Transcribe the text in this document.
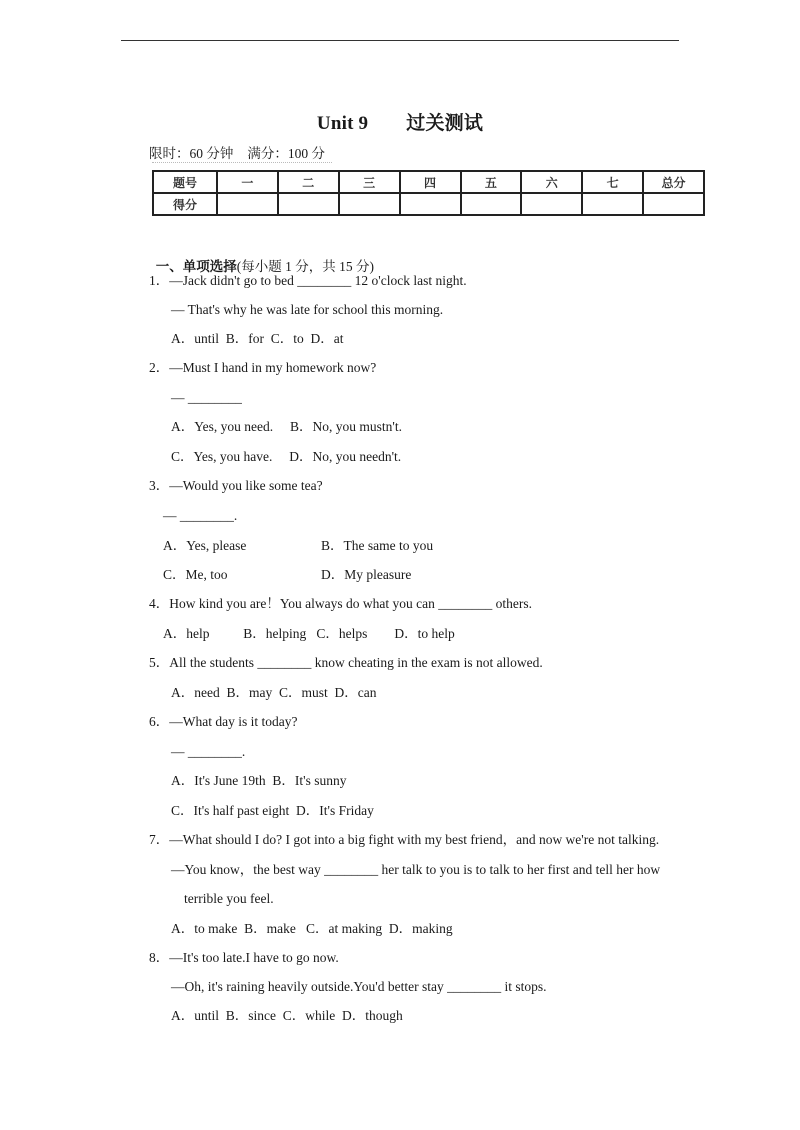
Unit 9 过关测试
限时：60 分钟 满分：100 分
题号	一	二	三	四	五	六	七	总分
得分								

一、单项选择(每小题 1 分，共 15 分)

1．—Jack didn't go to bed ________ 12 o'clock last night.
— That's why he was late for school this morning.
A．until  B．for  C．to  D．at
2．—Must I hand in my homework now?
— ________
A．Yes, you need.     B．No, you mustn't.
C．Yes, you have.     D．No, you needn't.
3．—Would you like some tea?
— ________.
A．Yes, please	B．The same to you
C．Me, too	D．My pleasure
4．How kind you are！You always do what you can ________ others.
A．help          B．helping   C．helps        D．to help
5．All the students ________ know cheating in the exam is not allowed.
A．need  B．may  C．must  D．can
6．—What day is it today?
— ________.
A．It's June 19th  B．It's sunny
C．It's half past eight  D．It's Friday
7．—What should I do? I got into a big fight with my best friend，and now we're not talking.
—You know，the best way ________ her talk to you is to talk to her first and tell her how
terrible you feel.
A．to make  B．make   C．at making  D．making
8．—It's too late.I have to go now.
—Oh, it's raining heavily outside.You'd better stay ________ it stops.
A．until  B．since  C．while  D．though
